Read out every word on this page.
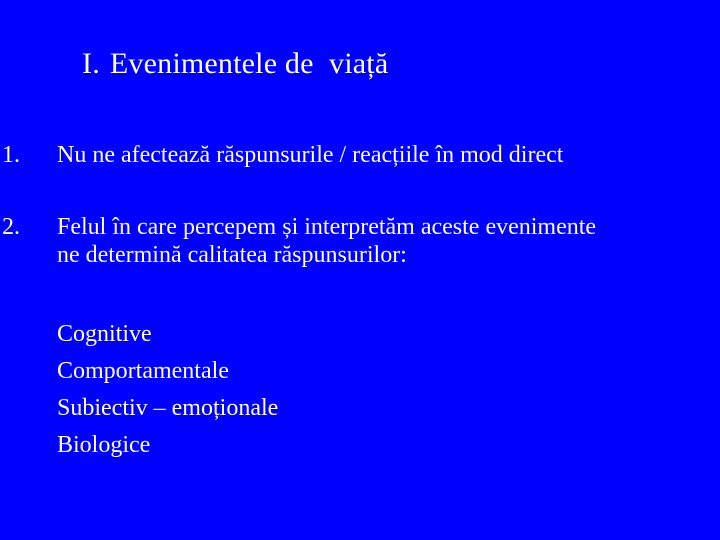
I. Evenimentele de  viață
1.	Nu ne afectează răspunsurile / reacțiile în mod direct
2.	Felul în care percepem și interpretăm aceste evenimente
ne determină calitatea răspunsurilor:
Cognitive
Comportamentale
Subiectiv – emoționale
Biologice
